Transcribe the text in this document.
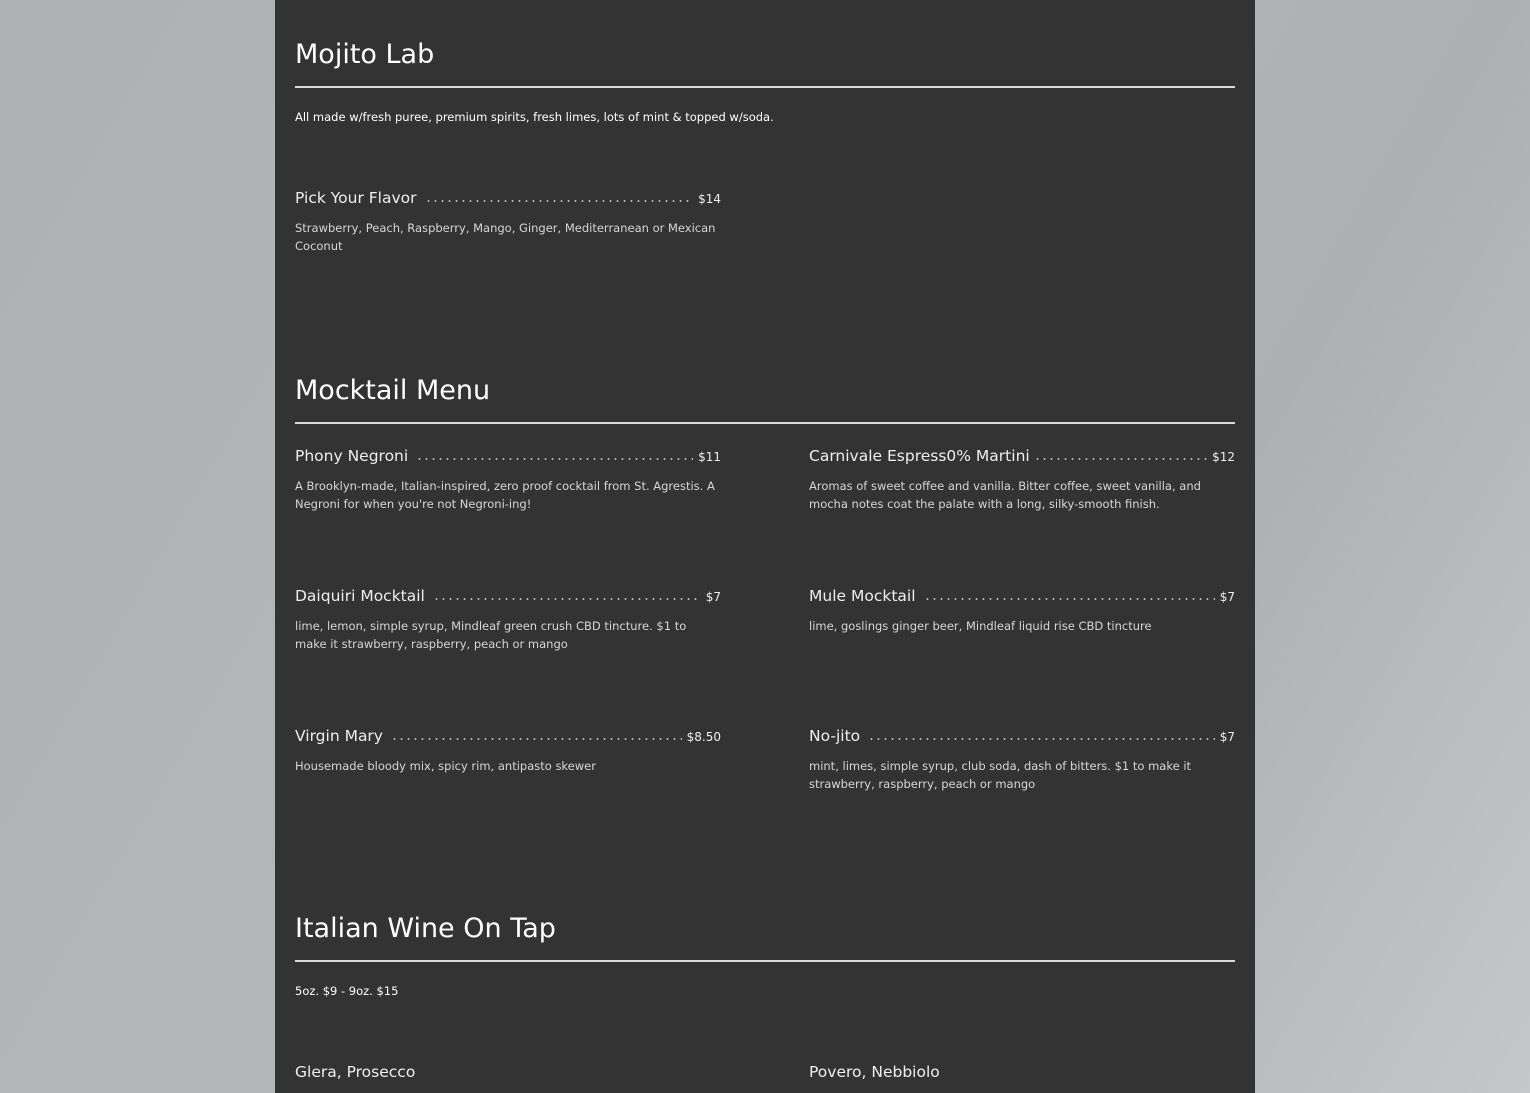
Mojito Lab
All made w/fresh puree, premium spirits, fresh limes, lots of mint & topped w/soda.
Pick Your Flavor	$14
Strawberry, Peach, Raspberry, Mango, Ginger, Mediterranean or Mexican Coconut
Mocktail Menu
Phony Negroni	$11
A Brooklyn-made, Italian-inspired, zero proof cocktail from St. Agrestis. A Negroni for when you're not Negroni-ing!
Carnivale Espress0% Martini	$12
Aromas of sweet coffee and vanilla. Bitter coffee, sweet vanilla, and mocha notes coat the palate with a long, silky-smooth finish.
Daiquiri Mocktail	$7
lime, lemon, simple syrup, Mindleaf green crush CBD tincture. $1 to make it strawberry, raspberry, peach or mango
Mule Mocktail	$7
lime, goslings ginger beer, Mindleaf liquid rise CBD tincture
Virgin Mary	$8.50
Housemade bloody mix, spicy rim, antipasto skewer
No-jito	$7
mint, limes, simple syrup, club soda, dash of bitters. $1 to make it strawberry, raspberry, peach or mango
Italian Wine On Tap
5oz. $9 - 9oz. $15
Glera, Prosecco	Povero, Nebbiolo
